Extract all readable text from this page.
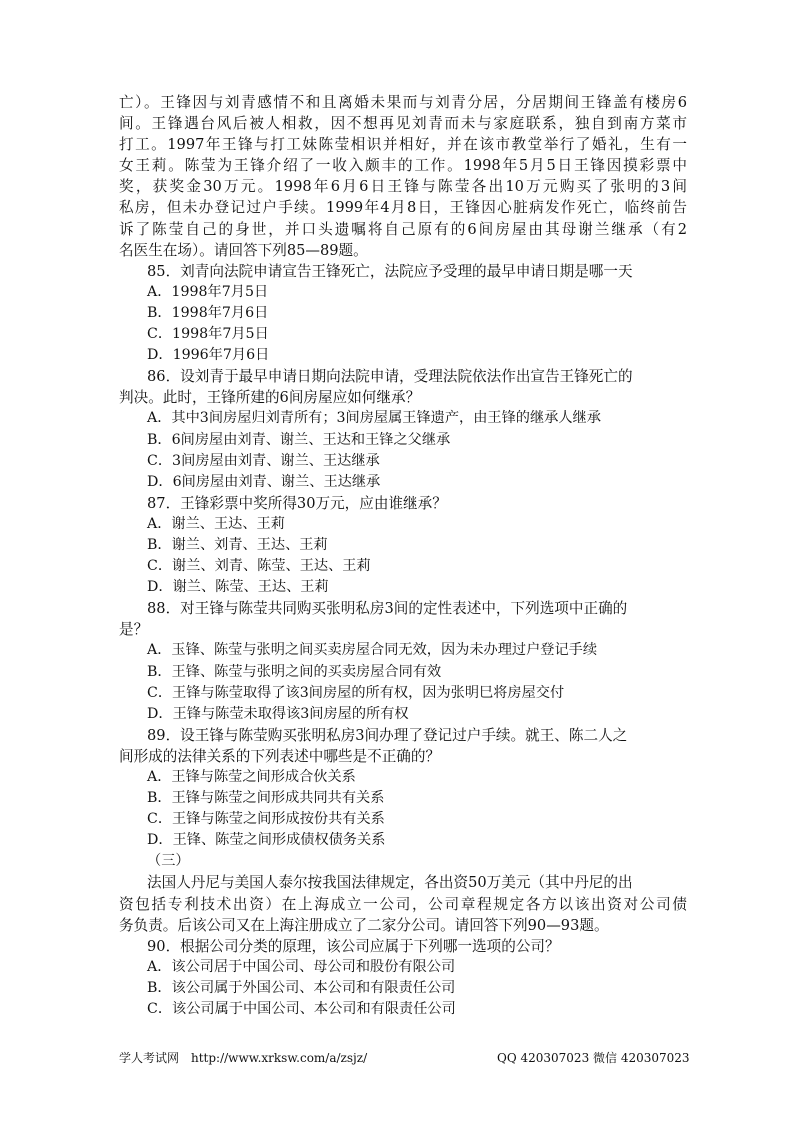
亡）。王锋因与刘青感情不和且离婚未果而与刘青分居，分居期间王锋盖有楼房6
间。王锋遇台风后被人相救，因不想再见刘青而未与家庭联系，独自到南方菜市
打工。1997年王锋与打工妹陈莹相识并相好，并在该市教堂举行了婚礼，生有一
女王莉。陈莹为王锋介绍了一收入颇丰的工作。1998年5月5日王锋因摸彩票中
奖，获奖金30万元。1998年6月6日王锋与陈莹各出10万元购买了张明的3间
私房，但未办登记过户手续。1999年4月8日，王锋因心脏病发作死亡，临终前告
诉了陈莹自己的身世，并口头遗嘱将自己原有的6间房屋由其母谢兰继承（有2
名医生在场）。请回答下列85—89题。
85．刘青向法院申请宣告王锋死亡，法院应予受理的最早申请日期是哪一天
A．1998年7月5日
B．1998年7月6日
C．1998年7月5日
D．1996年7月6日
86．设刘青于最早申请日期向法院申请，受理法院依法作出宣告王锋死亡的
判决。此时，王锋所建的6间房屋应如何继承？
A．其中3间房屋归刘青所有；3间房屋属王锋遗产，由王锋的继承人继承
B．6间房屋由刘青、谢兰、王达和王锋之父继承
C．3间房屋由刘青、谢兰、王达继承
D．6间房屋由刘青、谢兰、王达继承
87．王锋彩票中奖所得30万元，应由谁继承？
A．谢兰、王达、王莉
B．谢兰、刘青、王达、王莉
C．谢兰、刘青、陈莹、王达、王莉
D．谢兰、陈莹、王达、王莉
88．对王锋与陈莹共同购买张明私房3间的定性表述中，下列选项中正确的
是？
A．玉锋、陈莹与张明之间买卖房屋合同无效，因为未办理过户登记手续
B．王锋、陈莹与张明之间的买卖房屋合同有效
C．王锋与陈莹取得了该3间房屋的所有权，因为张明巳将房屋交付
D．王锋与陈莹未取得该3间房屋的所有权
89．设王锋与陈莹购买张明私房3间办理了登记过户手续。就王、陈二人之
间形成的法律关系的下列表述中哪些是不正确的？
A．王锋与陈莹之间形成合伙关系
B．王锋与陈莹之间形成共同共有关系
C．王锋与陈莹之间形成按份共有关系
D．王锋、陈莹之间形成债权债务关系
（三）
法国人丹尼与美国人泰尔按我国法律规定，各出资50万美元（其中丹尼的出
资包括专利技术出资）在上海成立一公司，公司章程规定各方以该出资对公司债
务负责。后该公司又在上海注册成立了二家分公司。请回答下列90—93题。
90．根据公司分类的原理，该公司应属于下列哪一选项的公司？
A．该公司居于中国公司、母公司和股份有限公司
B．该公司属于外国公司、本公司和有限责任公司
C．该公司属于中国公司、本公司和有限责任公司
学人考试网 http://www.xrksw.com/a/zsjz/	QQ 420307023 微信 420307023
